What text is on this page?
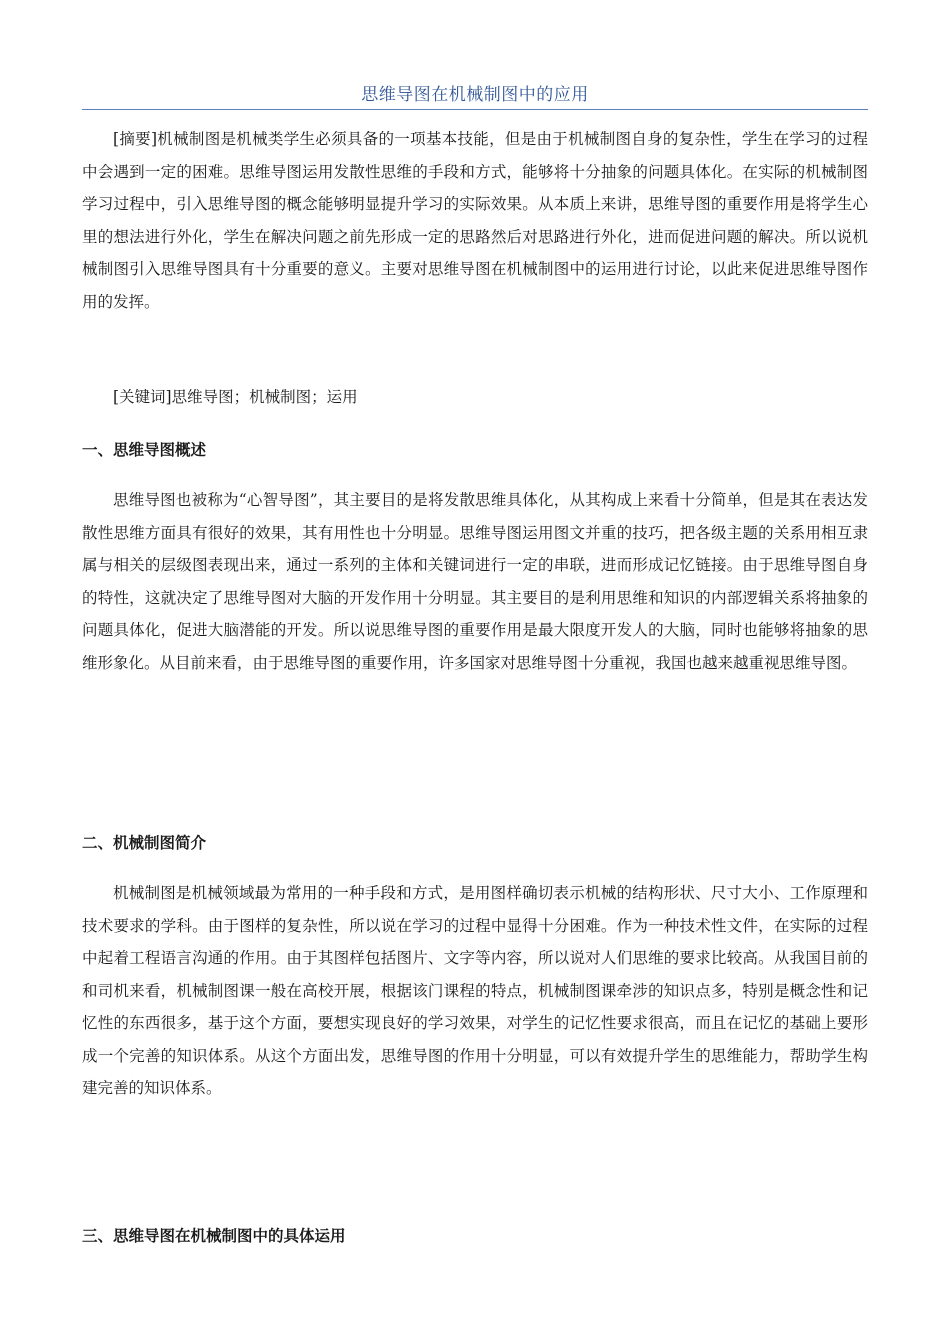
思维导图在机械制图中的应用

[摘要]机械制图是机械类学生必须具备的一项基本技能，但是由于机械制图自身的复杂性，学生在学习的过程中会遇到一定的困难。思维导图运用发散性思维的手段和方式，能够将十分抽象的问题具体化。在实际的机械制图学习过程中，引入思维导图的概念能够明显提升学习的实际效果。从本质上来讲，思维导图的重要作用是将学生心里的想法进行外化，学生在解决问题之前先形成一定的思路然后对思路进行外化，进而促进问题的解决。所以说机械制图引入思维导图具有十分重要的意义。主要对思维导图在机械制图中的运用进行讨论，以此来促进思维导图作用的发挥。

[关键词]思维导图；机械制图；运用

一、思维导图概述

思维导图也被称为“心智导图”，其主要目的是将发散思维具体化，从其构成上来看十分简单，但是其在表达发散性思维方面具有很好的效果，其有用性也十分明显。思维导图运用图文并重的技巧，把各级主题的关系用相互隶属与相关的层级图表现出来，通过一系列的主体和关键词进行一定的串联，进而形成记忆链接。由于思维导图自身的特性，这就决定了思维导图对大脑的开发作用十分明显。其主要目的是利用思维和知识的内部逻辑关系将抽象的问题具体化，促进大脑潜能的开发。所以说思维导图的重要作用是最大限度开发人的大脑，同时也能够将抽象的思维形象化。从目前来看，由于思维导图的重要作用，许多国家对思维导图十分重视，我国也越来越重视思维导图。

二、机械制图简介

机械制图是机械领域最为常用的一种手段和方式，是用图样确切表示机械的结构形状、尺寸大小、工作原理和技术要求的学科。由于图样的复杂性，所以说在学习的过程中显得十分困难。作为一种技术性文件，在实际的过程中起着工程语言沟通的作用。由于其图样包括图片、文字等内容，所以说对人们思维的要求比较高。从我国目前的和司机来看，机械制图课一般在高校开展，根据该门课程的特点，机械制图课牵涉的知识点多，特别是概念性和记忆性的东西很多，基于这个方面，要想实现良好的学习效果，对学生的记忆性要求很高，而且在记忆的基础上要形成一个完善的知识体系。从这个方面出发，思维导图的作用十分明显，可以有效提升学生的思维能力，帮助学生构建完善的知识体系。

三、思维导图在机械制图中的具体运用
